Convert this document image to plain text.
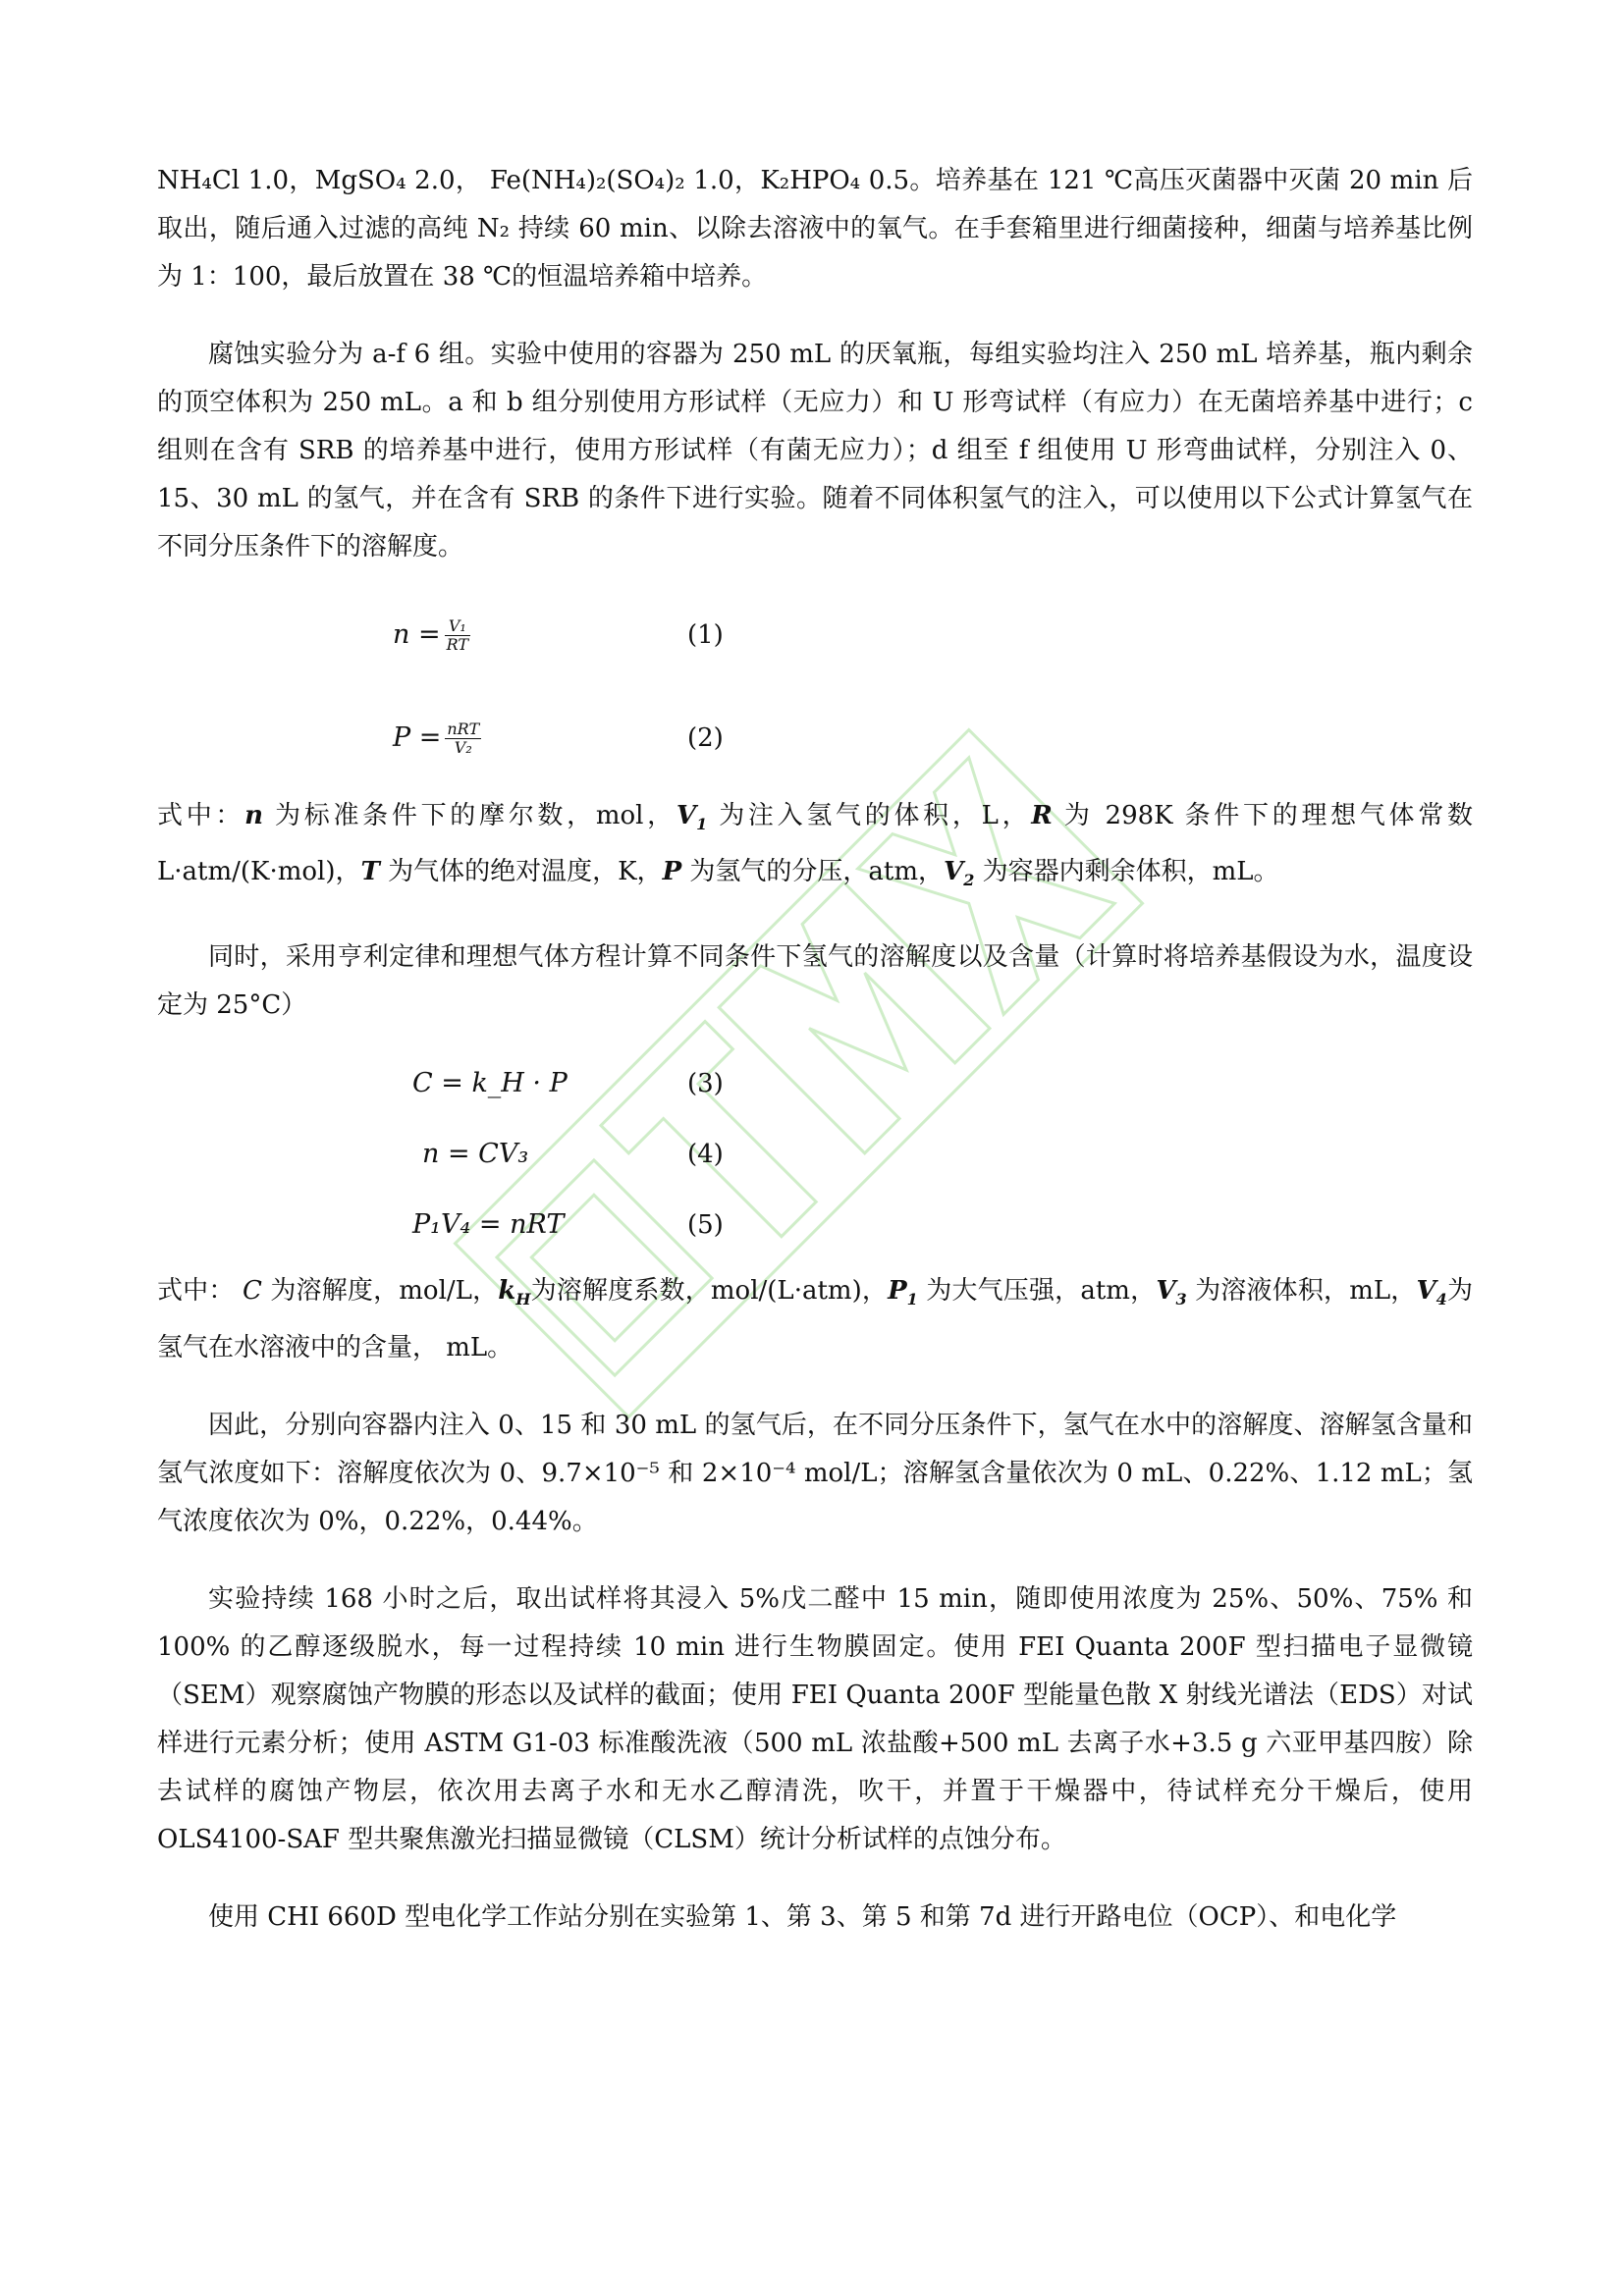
NH₄Cl 1.0，MgSO₄ 2.0， Fe(NH₄)₂(SO₄)₂ 1.0，K₂HPO₄ 0.5。培养基在 121 ℃高压灭菌器中灭菌 20 min 后取出，随后通入过滤的高纯 N₂ 持续 60 min、以除去溶液中的氧气。在手套箱里进行细菌接种，细菌与培养基比例为 1：100，最后放置在 38 ℃的恒温培养箱中培养。

腐蚀实验分为 a-f 6 组。实验中使用的容器为 250 mL 的厌氧瓶，每组实验均注入 250 mL 培养基，瓶内剩余的顶空体积为 250 mL。a 和 b 组分别使用方形试样（无应力）和 U 形弯试样（有应力）在无菌培养基中进行；c 组则在含有 SRB 的培养基中进行，使用方形试样（有菌无应力）；d 组至 f 组使用 U 形弯曲试样，分别注入 0、15、30 mL 的氢气，并在含有 SRB 的条件下进行实验。随着不同体积氢气的注入，可以使用以下公式计算氢气在不同分压条件下的溶解度。

$n = \frac{\text{V₁}}{RT}$	(1)
$P = \frac{\text{nRT}}{\text{V₂}}$	(2)

式中：n 为标准条件下的摩尔数，mol，$V_1$ 为注入氢气的体积，L，R 为 298K 条件下的理想气体常数 L·atm/(K·mol)，T 为气体的绝对温度，K，P 为氢气的分压，atm，$V_2$ 为容器内剩余体积，mL。

同时，采用亨利定律和理想气体方程计算不同条件下氢气的溶解度以及含量（计算时将培养基假设为水，温度设定为 25°C）

C = k_H · P	(3)
n = CV₃	(4)
P₁V₄ = nRT	(5)

式中： C 为溶解度，mol/L，$k_H$为溶解度系数，mol/(L·atm)，$P_1$ 为大气压强，atm，$V_3$ 为溶液体积，mL，$V_4$为氢气在水溶液中的含量， mL。

因此，分别向容器内注入 0、15 和 30 mL 的氢气后，在不同分压条件下，氢气在水中的溶解度、溶解氢含量和氢气浓度如下：溶解度依次为 0、9.7×10⁻⁵ 和 2×10⁻⁴ mol/L；溶解氢含量依次为 0 mL、0.22%、1.12 mL；氢气浓度依次为 0%，0.22%，0.44%。

实验持续 168 小时之后，取出试样将其浸入 5%戊二醛中 15 min，随即使用浓度为 25%、50%、75% 和 100% 的乙醇逐级脱水，每一过程持续 10 min 进行生物膜固定。使用 FEI Quanta 200F 型扫描电子显微镜（SEM）观察腐蚀产物膜的形态以及试样的截面；使用 FEI Quanta 200F 型能量色散 X 射线光谱法（EDS）对试样进行元素分析；使用 ASTM G1-03 标准酸洗液（500 mL 浓盐酸+500 mL 去离子水+3.5 g 六亚甲基四胺）除去试样的腐蚀产物层，依次用去离子水和无水乙醇清洗，吹干，并置于干燥器中，待试样充分干燥后，使用 OLS4100-SAF 型共聚焦激光扫描显微镜（CLSM）统计分析试样的点蚀分布。

使用 CHI 660D 型电化学工作站分别在实验第 1、第 3、第 5 和第 7d 进行开路电位（OCP）、和电化学
